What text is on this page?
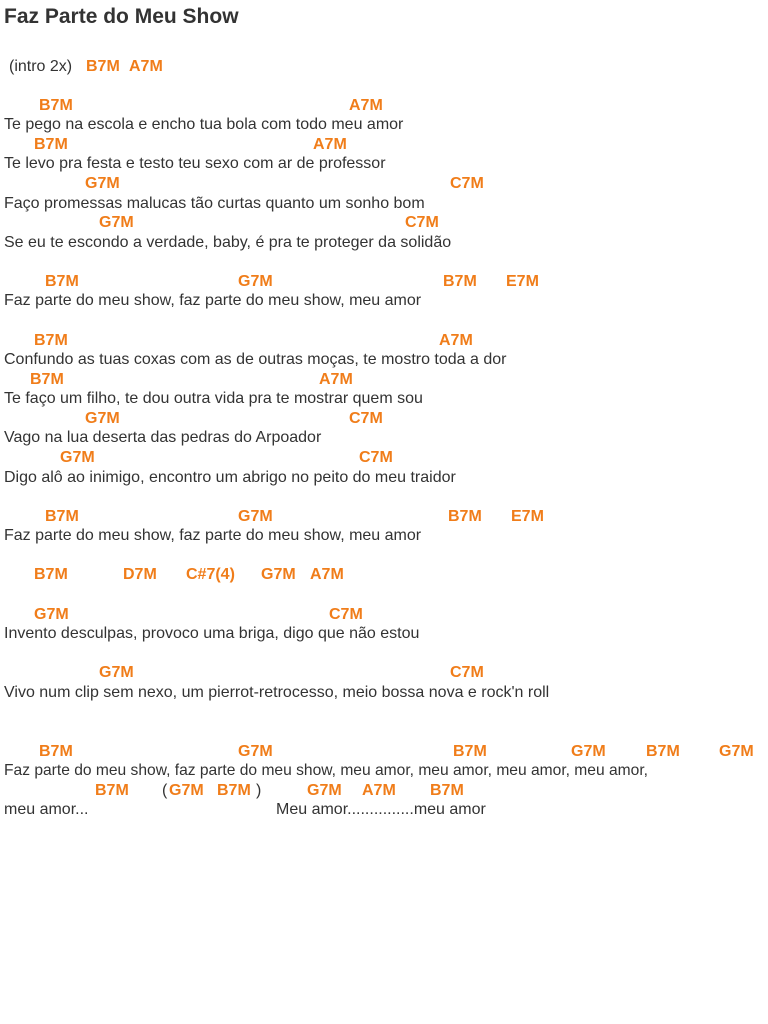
Faz Parte do Meu Show
(intro 2x) B7M A7M
B7M	A7M
Te pego na escola e encho tua bola com todo meu amor
B7M	A7M
Te levo pra festa e testo teu sexo com ar de professor
G7M	C7M
Faço promessas malucas tão curtas quanto um sonho bom
G7M	C7M
Se eu te escondo a verdade, baby, é pra te proteger da solidão
B7M	G7M	B7M E7M
Faz parte do meu show, faz parte do meu show, meu amor
B7M	A7M
Confundo as tuas coxas com as de outras moças, te mostro toda a dor
B7M	A7M
Te faço um filho, te dou outra vida pra te mostrar quem sou
G7M	C7M
Vago na lua deserta das pedras do Arpoador
G7M	C7M
Digo alô ao inimigo, encontro um abrigo no peito do meu traidor
B7M	G7M	B7M E7M
Faz parte do meu show, faz parte do meu show, meu amor
B7M	D7M C#7(4) G7M A7M
G7M	C7M
Invento desculpas, provoco uma briga, digo que não estou
G7M	C7M
Vivo num clip sem nexo, um pierrot-retrocesso, meio bossa nova e rock'n roll
B7M	G7M	B7M	G7M	B7M G7M
Faz parte do meu show, faz parte do meu show, meu amor, meu amor, meu amor, meu amor,
B7M ( G7M B7M )	G7M A7M B7M
meu amor...	Meu amor...............meu amor
